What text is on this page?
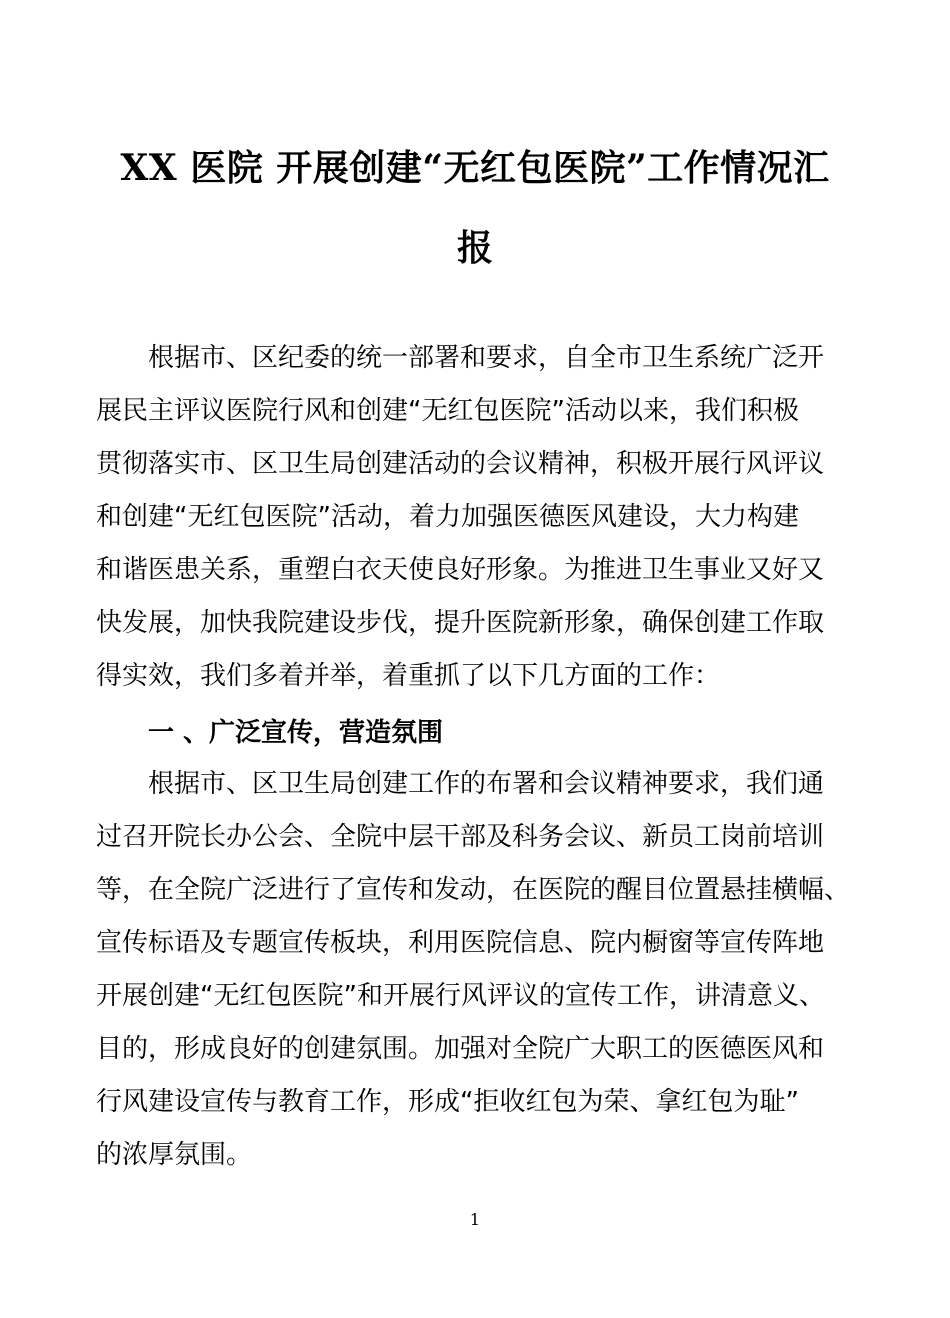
XX 医院 开展创建“无红包医院”工作情况汇
报
根据市、区纪委的统一部署和要求，自全市卫生系统广泛开
展民主评议医院行风和创建“无红包医院”活动以来，我们积极
贯彻落实市、区卫生局创建活动的会议精神，积极开展行风评议
和创建“无红包医院”活动，着力加强医德医风建设，大力构建
和谐医患关系，重塑白衣天使良好形象。为推进卫生事业又好又
快发展，加快我院建设步伐，提升医院新形象，确保创建工作取
得实效，我们多着并举，着重抓了以下几方面的工作：
一 、广泛宣传，营造氛围
根据市、区卫生局创建工作的布署和会议精神要求，我们通
过召开院长办公会、全院中层干部及科务会议、新员工岗前培训
等，在全院广泛进行了宣传和发动，在医院的醒目位置悬挂横幅、
宣传标语及专题宣传板块，利用医院信息、院内橱窗等宣传阵地
开展创建“无红包医院”和开展行风评议的宣传工作，讲清意义、
目的，形成良好的创建氛围。加强对全院广大职工的医德医风和
行风建设宣传与教育工作，形成“拒收红包为荣、拿红包为耻”
的浓厚氛围。
1
